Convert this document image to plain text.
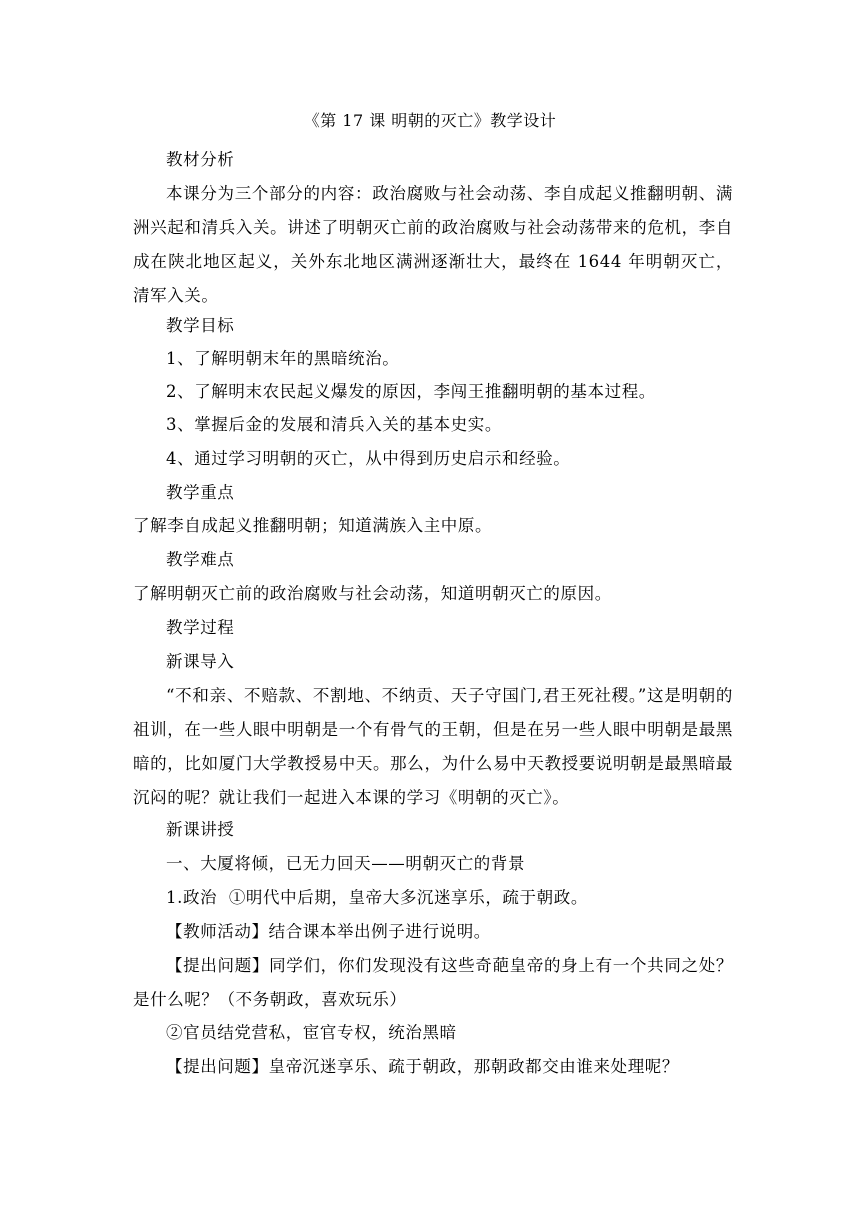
《第 17 课 明朝的灭亡》教学设计
教材分析
本课分为三个部分的内容：政治腐败与社会动荡、李自成起义推翻明朝、满洲兴起和清兵入关。讲述了明朝灭亡前的政治腐败与社会动荡带来的危机，李自成在陕北地区起义，关外东北地区满洲逐渐壮大，最终在 1644 年明朝灭亡，清军入关。
教学目标
1、了解明朝末年的黑暗统治。
2、了解明末农民起义爆发的原因，李闯王推翻明朝的基本过程。
3、掌握后金的发展和清兵入关的基本史实。
4、通过学习明朝的灭亡，从中得到历史启示和经验。
教学重点
了解李自成起义推翻明朝；知道满族入主中原。
教学难点
了解明朝灭亡前的政治腐败与社会动荡，知道明朝灭亡的原因。
教学过程
新课导入
“不和亲、不赔款、不割地、不纳贡、天子守国门,君王死社稷。”这是明朝的祖训，在一些人眼中明朝是一个有骨气的王朝，但是在另一些人眼中明朝是最黑暗的，比如厦门大学教授易中天。那么，为什么易中天教授要说明朝是最黑暗最沉闷的呢？就让我们一起进入本课的学习《明朝的灭亡》。
新课讲授
一、大厦将倾，已无力回天——明朝灭亡的背景
1.政治  ①明代中后期，皇帝大多沉迷享乐，疏于朝政。
【教师活动】结合课本举出例子进行说明。
【提出问题】同学们，你们发现没有这些奇葩皇帝的身上有一个共同之处？是什么呢？（不务朝政，喜欢玩乐）
②官员结党营私，宦官专权，统治黑暗
【提出问题】皇帝沉迷享乐、疏于朝政，那朝政都交由谁来处理呢？
